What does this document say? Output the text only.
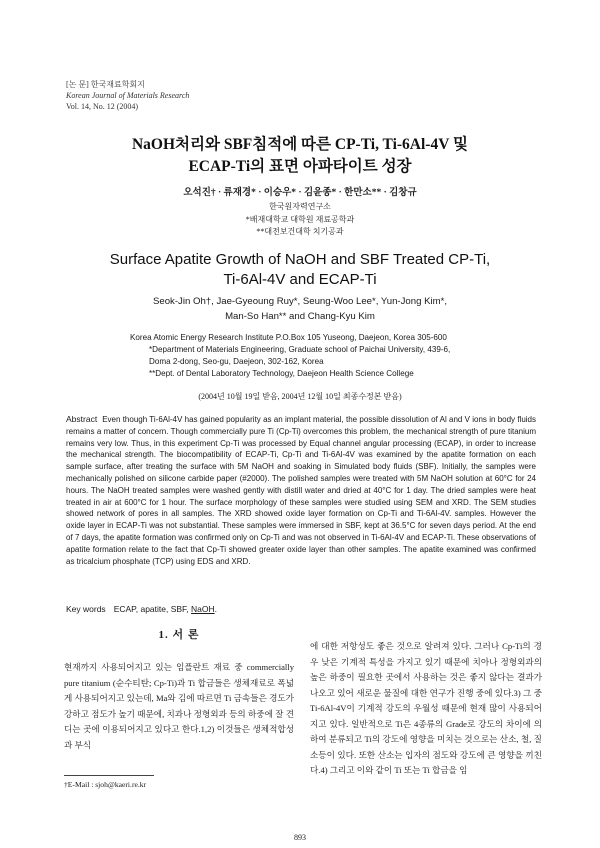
[논 문] 한국재료학회지
Korean Journal of Materials Research
Vol. 14, No. 12 (2004)
NaOH처리와 SBF침적에 따른 CP-Ti, Ti-6Al-4V 및
ECAP-Ti의 표면 아파타이트 성장
오석진† · 류재경* · 이승우* · 김윤종* · 한만소** · 김창규
한국원자력연구소
*배재대학교 대학원 재료공학과
**대전보건대학 치기공과
Surface Apatite Growth of NaOH and SBF Treated CP-Ti,
Ti-6Al-4V and ECAP-Ti
Seok-Jin Oh†, Jae-Gyeoung Ruy*, Seung-Woo Lee*, Yun-Jong Kim*,
Man-So Han** and Chang-Kyu Kim
Korea Atomic Energy Research Institute P.O.Box 105 Yuseong, Daejeon, Korea 305-600
*Department of Materials Engineering, Graduate school of Paichai University, 439-6,
Doma 2-dong, Seo-gu, Daejeon, 302-162, Korea
**Dept. of Dental Laboratory Technology, Daejeon Health Science College
(2004년 10월 19일 받음, 2004년 12월 10일 최종수정본 받음)
Abstract Even though Ti-6Al-4V has gained popularity as an implant material, the possible dissolution of Al and V ions in body fluids remains a matter of concern. Though commercially pure Ti (Cp-Ti) overcomes this problem, the mechanical strength of pure titanium remains very low. Thus, in this experiment Cp-Ti was processed by Equal channel angular processing (ECAP), in order to increase the mechanical strength. The biocompatibility of ECAP-Ti, Cp-Ti and Ti-6Al-4V was examined by the apatite formation on each sample surface, after treating the surface with 5M NaOH and soaking in Simulated body fluids (SBF). Initially, the samples were mechanically polished on silicone carbide paper (#2000). The polished samples were treated with 5M NaOH solution at 60°C for 24 hours. The NaOH treated samples were washed gently with distill water and dried at 40°C for 1 day. The dried samples were heat treated in air at 600°C for 1 hour. The surface morphology of these samples were studied using SEM and XRD. The SEM studies showed network of pores in all samples. The XRD showed oxide layer formation on Cp-Ti and Ti-6Al-4V. samples. However the oxide layer in ECAP-Ti was not substantial. These samples were immersed in SBF, kept at 36.5°C for seven days period. At the end of 7 days, the apatite formation was confirmed only on Cp-Ti and was not observed in Ti-6Al-4V and ECAP-Ti. These observations of apatite formation relate to the fact that Cp-Ti showed greater oxide layer than other samples. The apatite examined was confirmed as tricalcium phosphate (TCP) using EDS and XRD.
Key words ECAP, apatite, SBF, NaOH.
1. 서 론
현재까지 사용되어지고 있는 임플란트 재료 중 commercially pure titanium (순수티탄; Cp-Ti)과 Ti 합금들은 생체재료로 폭넓게 사용되어지고 있는데, Ma와 김에 따르면 Ti 금속들은 경도가 강하고 점도가 높기 때문에, 치과나 정형외과 등의 하중에 잘 견디는 곳에 이용되어지고 있다고 한다.1,2) 이것들은 생체적합성과 부식
에 대한 저항성도 좋은 것으로 알려져 있다. 그러나 Cp-Ti의 경우 낮은 기계적 특성을 가지고 있기 때문에 치아나 정형외과의 높은 하중이 필요한 곳에서 사용하는 것은 좋지 않다는 결과가 나오고 있어 새로운 물질에 대한 연구가 진행 중에 있다.3) 그 중 Ti-6Al-4V이 기계적 강도의 우월성 때문에 현재 많이 사용되어지고 있다. 일반적으로 Ti은 4종류의 Grade로 강도의 차이에 의하여 분류되고 Ti의 강도에 영향을 미치는 것으로는 산소, 철, 질소등이 있다. 또한 산소는 입자의 점도와 강도에 큰 영향을 끼친다.4) 그리고 이와 같이 Ti 또는 Ti 합금을 임
†E-Mail : sjoh@kaeri.re.kr
893
